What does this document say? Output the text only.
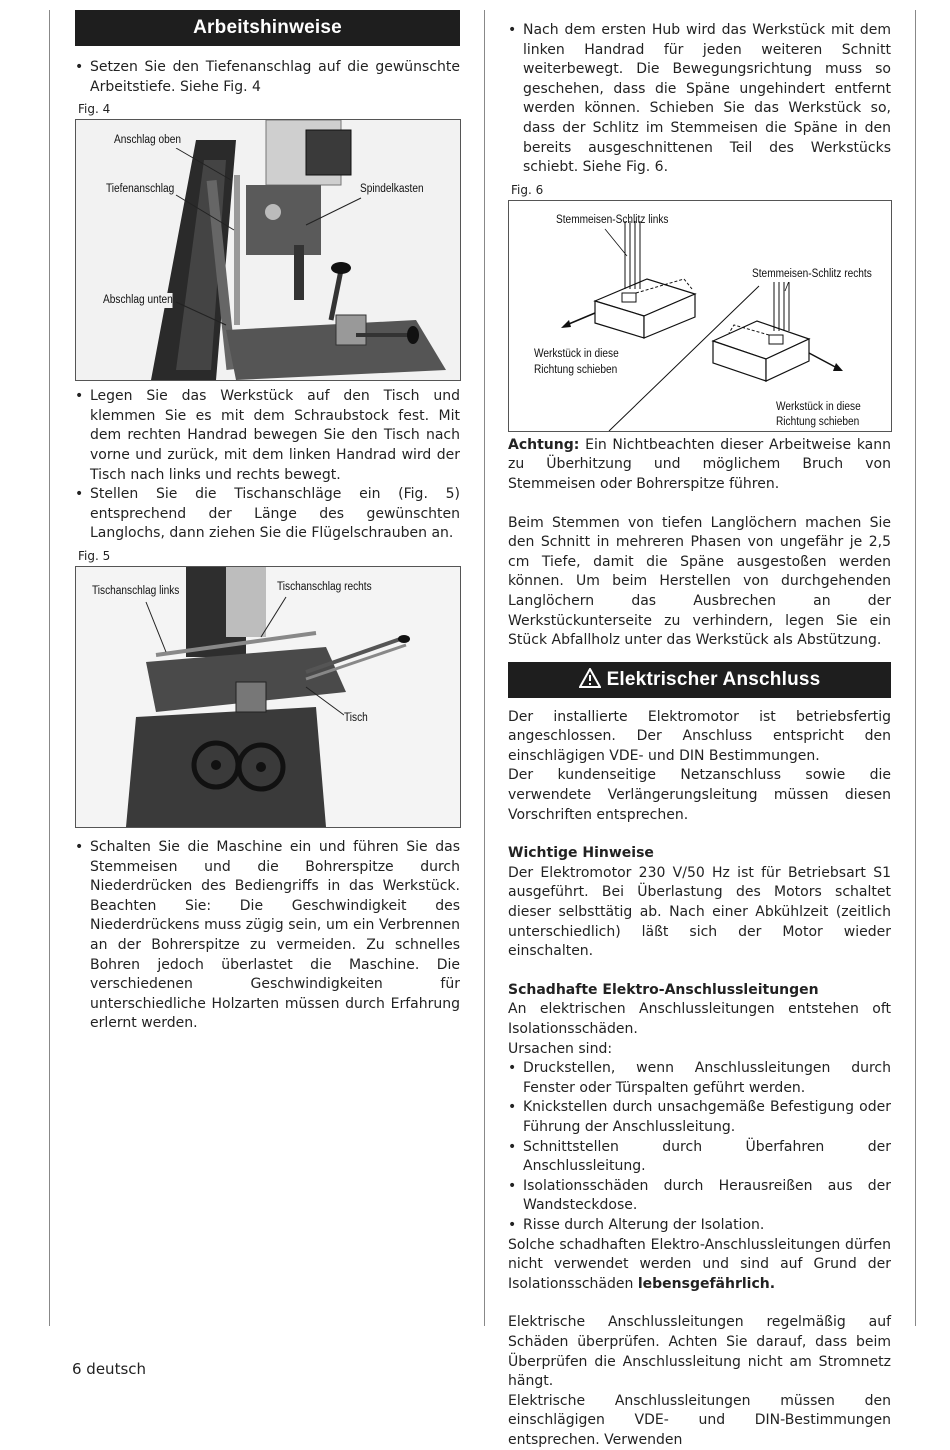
Arbeitshinweise
• Setzen Sie den Tiefenanschlag auf die gewünschte Arbeitstiefe. Siehe Fig. 4
Fig. 4
Anschlag oben
Tiefenanschlag	Spindelkasten
Abschlag unten
• Legen Sie das Werkstück auf den Tisch und klemmen Sie es mit dem Schraubstock fest. Mit dem rechten Handrad bewegen Sie den Tisch nach vorne und zurück, mit dem linken Handrad wird der Tisch nach links und rechts bewegt.
• Stellen Sie die Tischanschläge ein (Fig. 5) entsprechend der Länge des gewünschten Langlochs, dann ziehen Sie die Flügelschrauben an.
Fig. 5
Tischanschlag links	Tischanschlag rechts
Tisch
• Schalten Sie die Maschine ein und führen Sie das Stemmeisen und die Bohrerspitze durch Niederdrücken des Bediengriffs in das Werkstück. Beachten Sie: Die Geschwindigkeit des Niederdrückens muss zügig sein, um ein Verbrennen an der Bohrerspitze zu vermeiden. Zu schnelles Bohren jedoch überlastet die Maschine. Die verschiedenen Geschwindigkeiten für unterschiedliche Holzarten müssen durch Erfahrung erlernt werden.
• Nach dem ersten Hub wird das Werkstück mit dem linken Handrad für jeden weiteren Schnitt weiterbewegt. Die Bewegungsrichtung muss so geschehen, dass die Späne ungehindert entfernt werden können. Schieben Sie das Werkstück so, dass der Schlitz im Stemmeisen die Späne in den bereits ausgeschnittenen Teil des Werkstücks schiebt. Siehe Fig. 6.
Fig. 6
Stemmeisen-Schlitz links
Stemmeisen-Schlitz rechts
Werkstück in diese
Richtung schieben
Werkstück in diese
Richtung schieben

Achtung: Ein Nichtbeachten dieser Arbeitweise kann zu Überhitzung und möglichem Bruch von Stemmeisen oder Bohrerspitze führen.

Beim Stemmen von tiefen Langlöchern machen Sie den Schnitt in mehreren Phasen von ungefähr je 2,5 cm Tiefe, damit die Späne ausgestoßen werden können. Um beim Herstellen von durchgehenden Langlöchern das Ausbrechen an der Werkstückunterseite zu verhindern, legen Sie ein Stück Abfallholz unter das Werkstück als Abstützung.

Elektrischer Anschluss

Der installierte Elektromotor ist betriebsfertig angeschlossen. Der Anschluss entspricht den einschlägigen VDE- und DIN Bestimmungen.

Der kundenseitige Netzanschluss sowie die verwendete Verlängerungsleitung müssen diesen Vorschriften entsprechen.

Wichtige Hinweise

Der Elektromotor 230 V/50 Hz ist für Betriebsart S1 ausgeführt. Bei Überlastung des Motors schaltet dieser selbsttätig ab. Nach einer Abkühlzeit (zeitlich unterschiedlich) läßt sich der Motor wieder einschalten.

Schadhafte Elektro-Anschlussleitungen

An elektrischen Anschlussleitungen entstehen oft Isolationsschäden.

Ursachen sind:

• Druckstellen, wenn Anschlussleitungen durch Fenster oder Türspalten geführt werden.
• Knickstellen durch unsachgemäße Befestigung oder Führung der Anschlussleitung.
• Schnittstellen durch Überfahren der Anschlussleitung.
• Isolationsschäden durch Herausreißen aus der Wandsteckdose.
• Risse durch Alterung der Isolation.

Solche schadhaften Elektro-Anschlussleitungen dürfen nicht verwendet werden und sind auf Grund der Isolationsschäden lebensgefährlich.

Elektrische Anschlussleitungen regelmäßig auf Schäden überprüfen. Achten Sie darauf, dass beim Überprüfen die Anschlussleitung nicht am Stromnetz hängt.

Elektrische Anschlussleitungen müssen den einschlägigen VDE- und DIN-Bestimmungen entsprechen. Verwenden

6 deutsch
